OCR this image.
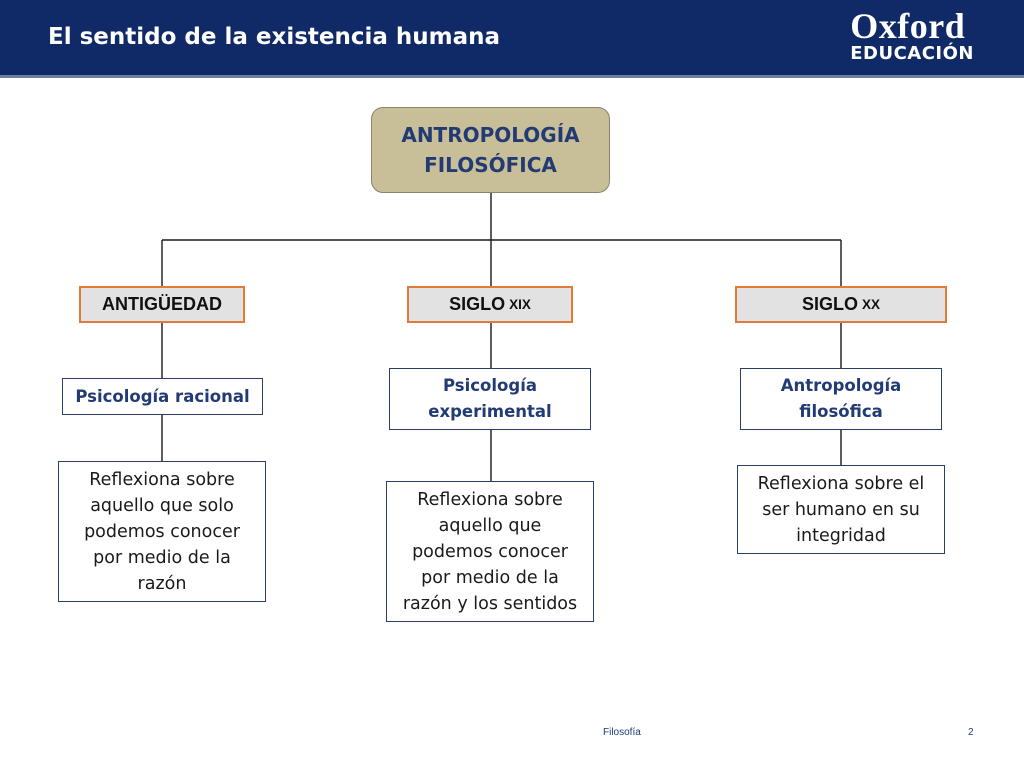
El sentido de la existencia humana	Oxford
EDUCACIÓN
ANTROPOLOGÍA
FILOSÓFICA
ANTIGÜEDAD	SIGLO XIX	SIGLO XX
Psicología racional
Psicología experimental
Antropología filosófica
Reflexiona sobre aquello que solo podemos conocer por medio de la razón
Reflexiona sobre aquello que podemos conocer por medio de la razón y los sentidos
Reflexiona sobre el ser humano en su integridad
Filosofía	2
